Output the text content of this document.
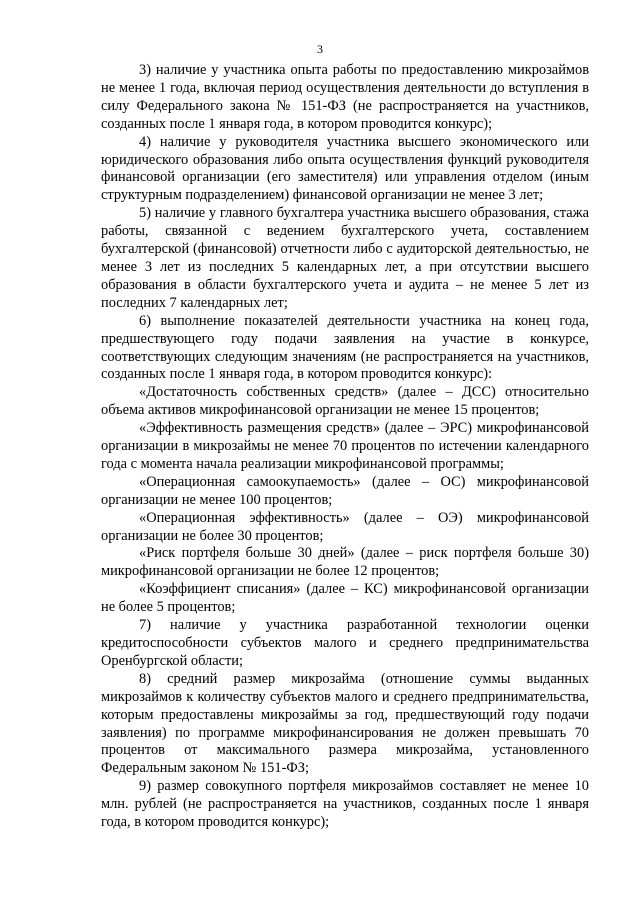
3

3) наличие у участника опыта работы по предоставлению микрозаймов не менее 1 года, включая период осуществления деятельности до вступления в силу Федерального закона № 151-ФЗ (не распространяется на участников, созданных после 1 января года, в котором проводится конкурс);

4) наличие у руководителя участника высшего экономического или юридического образования либо опыта осуществления функций руководителя финансовой организации (его заместителя) или управления отделом (иным структурным подразделением) финансовой организации не менее 3 лет;

5) наличие у главного бухгалтера участника высшего образования, стажа работы, связанной с ведением бухгалтерского учета, составлением бухгалтерской (финансовой) отчетности либо с аудиторской деятельностью, не менее 3 лет из последних 5 календарных лет, а при отсутствии высшего образования в области бухгалтерского учета и аудита – не менее 5 лет из последних 7 календарных лет;

6) выполнение показателей деятельности участника на конец года, предшествующего году подачи заявления на участие в конкурсе, соответствующих следующим значениям (не распространяется на участников, созданных после 1 января года, в котором проводится конкурс):

«Достаточность собственных средств» (далее – ДСС) относительно объема активов микрофинансовой организации не менее 15 процентов;

«Эффективность размещения средств» (далее – ЭРС) микрофинансовой организации в микрозаймы не менее 70 процентов по истечении календарного года с момента начала реализации микрофинансовой программы;

«Операционная самоокупаемость» (далее – ОС) микрофинансовой организации не менее 100 процентов;

«Операционная эффективность» (далее – ОЭ) микрофинансовой организации не более 30 процентов;

«Риск портфеля больше 30 дней» (далее – риск портфеля больше 30) микрофинансовой организации не более 12 процентов;

«Коэффициент списания» (далее – КС) микрофинансовой организации не более 5 процентов;

7) наличие у участника разработанной технологии оценки кредитоспособности субъектов малого и среднего предпринимательства Оренбургской области;

8) средний размер микрозайма (отношение суммы выданных микрозаймов к количеству субъектов малого и среднего предпринимательства, которым предоставлены микрозаймы за год, предшествующий году подачи заявления) по программе микрофинансирования не должен превышать 70 процентов от максимального размера микрозайма, установленного Федеральным законом № 151-ФЗ;

9) размер совокупного портфеля микрозаймов составляет не менее 10 млн. рублей (не распространяется на участников, созданных после 1 января года, в котором проводится конкурс);
